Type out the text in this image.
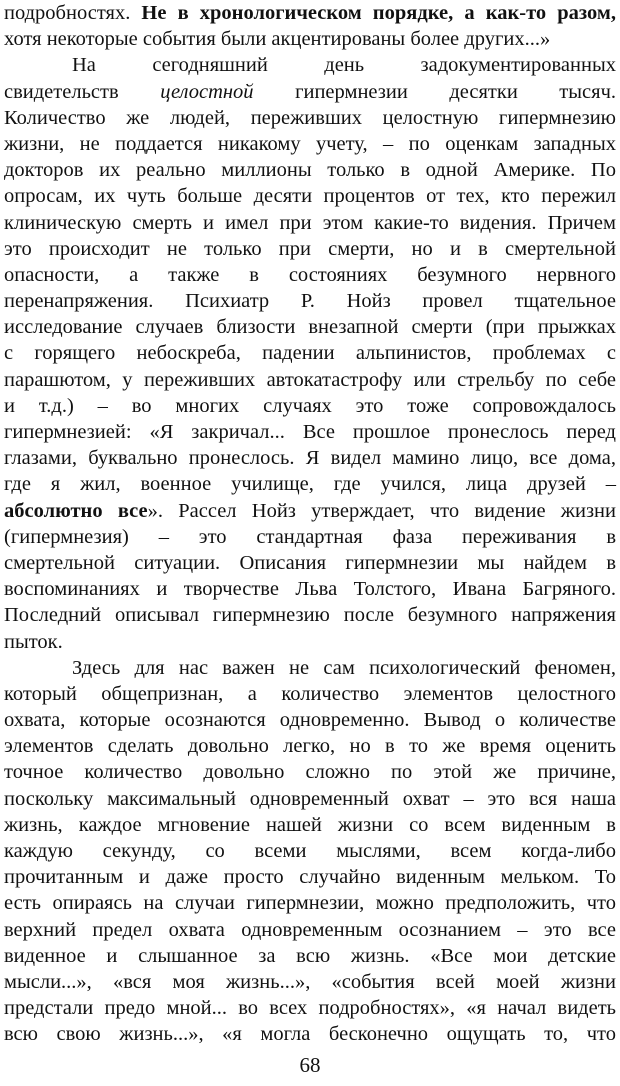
подробностях. Не в хронологическом порядке, а как-то разом,
хотя некоторые события были акцентированы более других...»
На сегодняшний день задокументированных
свидетельств целостной гипермнезии десятки тысяч.
Количество же людей, переживших целостную гипермнезию
жизни, не поддается никакому учету, – по оценкам западных
докторов их реально миллионы только в одной Америке. По
опросам, их чуть больше десяти процентов от тех, кто пережил
клиническую смерть и имел при этом какие-то видения. Причем
это происходит не только при смерти, но и в смертельной
опасности, а также в состояниях безумного нервного
перенапряжения. Психиатр Р. Нойз провел тщательное
исследование случаев близости внезапной смерти (при прыжках
с горящего небоскреба, падении альпинистов, проблемах с
парашютом, у переживших автокатастрофу или стрельбу по себе
и т.д.) – во многих случаях это тоже сопровождалось
гипермнезией: «Я закричал... Все прошлое пронеслось перед
глазами, буквально пронеслось. Я видел мамино лицо, все дома,
где я жил, военное училище, где учился, лица друзей –
абсолютно все». Рассел Нойз утверждает, что видение жизни
(гипермнезия) – это стандартная фаза переживания в
смертельной ситуации. Описания гипермнезии мы найдем в
воспоминаниях и творчестве Льва Толстого, Ивана Багряного.
Последний описывал гипермнезию после безумного напряжения
пыток.
Здесь для нас важен не сам психологический феномен,
который общепризнан, а количество элементов целостного
охвата, которые осознаются одновременно. Вывод о количестве
элементов сделать довольно легко, но в то же время оценить
точное количество довольно сложно по этой же причине,
поскольку максимальный одновременный охват – это вся наша
жизнь, каждое мгновение нашей жизни со всем виденным в
каждую секунду, со всеми мыслями, всем когда-либо
прочитанным и даже просто случайно виденным мельком. То
есть опираясь на случаи гипермнезии, можно предположить, что
верхний предел охвата одновременным осознанием – это все
виденное и слышанное за всю жизнь. «Все мои детские
мысли...», «вся моя жизнь...», «события всей моей жизни
предстали предо мной... во всех подробностях», «я начал видеть
всю свою жизнь...», «я могла бесконечно ощущать то, что
68
